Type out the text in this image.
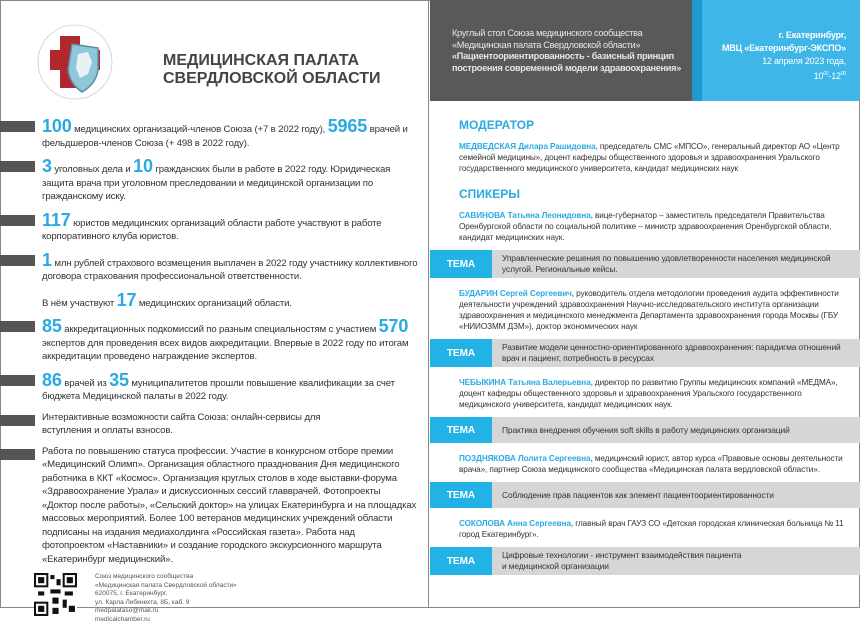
МЕДИЦИНСКАЯ ПАЛАТА
СВЕРДЛОВСКОЙ ОБЛАСТИ

100 медицинских организаций-членов Союза (+7 в 2022 году), 5965 врачей и фельдшеров-членов Союза (+ 498 в 2022 году).

3 уголовных дела и 10 гражданских были в работе в 2022 году. Юридическая защита врача при уголовном преследовании и медицинской организации по гражданскому иску.

117 юристов медицинских организаций области работе участвуют в работе корпоративного клуба юристов.

1 млн рублей страхового возмещения выплачен в 2022 году участнику коллективного договора страхования профессиональной ответственности.

В нём участвуют 17 медицинских организаций области.

85 аккредитационных подкомиссий по разным специальностям с участием 570 экспертов для проведения всех видов аккредитации. Впервые в 2022 году по итогам аккредитации проведено награждение экспертов.

86 врачей из 35 муниципалитетов прошли повышение квалификации за счет бюджета Медицинской палаты в 2022 году.

Интерактивные возможности сайта Союза: онлайн-сервисы для вступления и оплаты взносов.

Работа по повышению статуса профессии. Участие в конкурсном отборе премии «Медицинский Олимп». Организация областного празднования Дня медицинского работника в ККТ «Космос». Организация круглых столов в ходе выставки-форума «Здравоохранение Урала» и дискуссионных сессий главврачей. Фотопроекты «Доктор после работы», «Сельский доктор» на улицах Екатеринбурга и на площадках массовых мероприятий. Более 100 ветеранов медицинских учреждений области подписаны на издания медиахолдинга «Российская газета». Работа над фотопроектом «Наставники» и создание городского экскурсионного маршрута «Екатеринбург медицинский».

Союз медицинского сообщества
«Медицинская палата Свердловской области»
620075, г. Екатеринбург,
ул. Карла Либкнехта, 8Б, каб. 9
medpalataso@mail.ru
medicalchamber.ru

Круглый стол Союза медицинского сообщества
«Медицинская палата Свердловской области»
«Пациентоориентированность - базисный принцип
построения современной модели здравоохранения»

г. Екатеринбург,
МВЦ «Екатеринбург-ЭКСПО»
12 апреля 2023 года,
$10^{00}-12^{00}$

МОДЕРАТОР
МЕДВЕДСКАЯ Дилара Рашидовна, председатель СМС «МПСО», генеральный директор АО «Центр семейной медицины», доцент кафедры общественного здоровья и здравоохранения Уральского государственного медицинского университета, кандидат медицинских наук
СПИКЕРЫ
САВИНОВА Татьяна Леонидовна, вице-губернатор – заместитель председателя Правительства Оренбургской области по социальной политике – министр здравоохранения Оренбургской области, кандидат медицинских наук.
ТЕМА
Управленческие решения по повышению удовлетворенности населения медицинской услугой. Региональные кейсы.
БУДАРИН Сергей Сергеевич, руководитель отдела методологии проведения аудита эффективности деятельности учреждений здравоохранения Научно-исследовательского института организации здравоохранения и медицинского менеджмента Департамента здравоохранения города Москвы (ГБУ «НИИОЗММ ДЗМ»), доктор экономических наук
ТЕМА
Развитие модели ценностно-ориентированного здравоохранения: парадигма отношений врач и пациент, потребность в ресурсах
ЧЕБЫКИНА Татьяна Валерьевна, директор по развитию Группы медицинских компаний «МЕДМА», доцент кафедры общественного здоровья и здравоохранения Уральского государственного медицинского университета, кандидат медицинских наук.
ТЕМА	Практика внедрения обучения soft skills в работу медицинских организаций
ПОЗДНЯКОВА Лолита Сергеевна, медицинский юрист, автор курса «Правовые основы деятельности врача», партнер Союза медицинского сообщества «Медицинская палата вердловской области».
ТЕМА	Соблюдение прав пациентов как элемент пациентоориентированности
СОКОЛОВА Анна Сергеевна, главный врач ГАУЗ СО «Детская городская клиническая больница № 11 город Екатеринбург».
ТЕМА
Цифровые технологии - инструмент взаимодействия пациента и медицинской организации
